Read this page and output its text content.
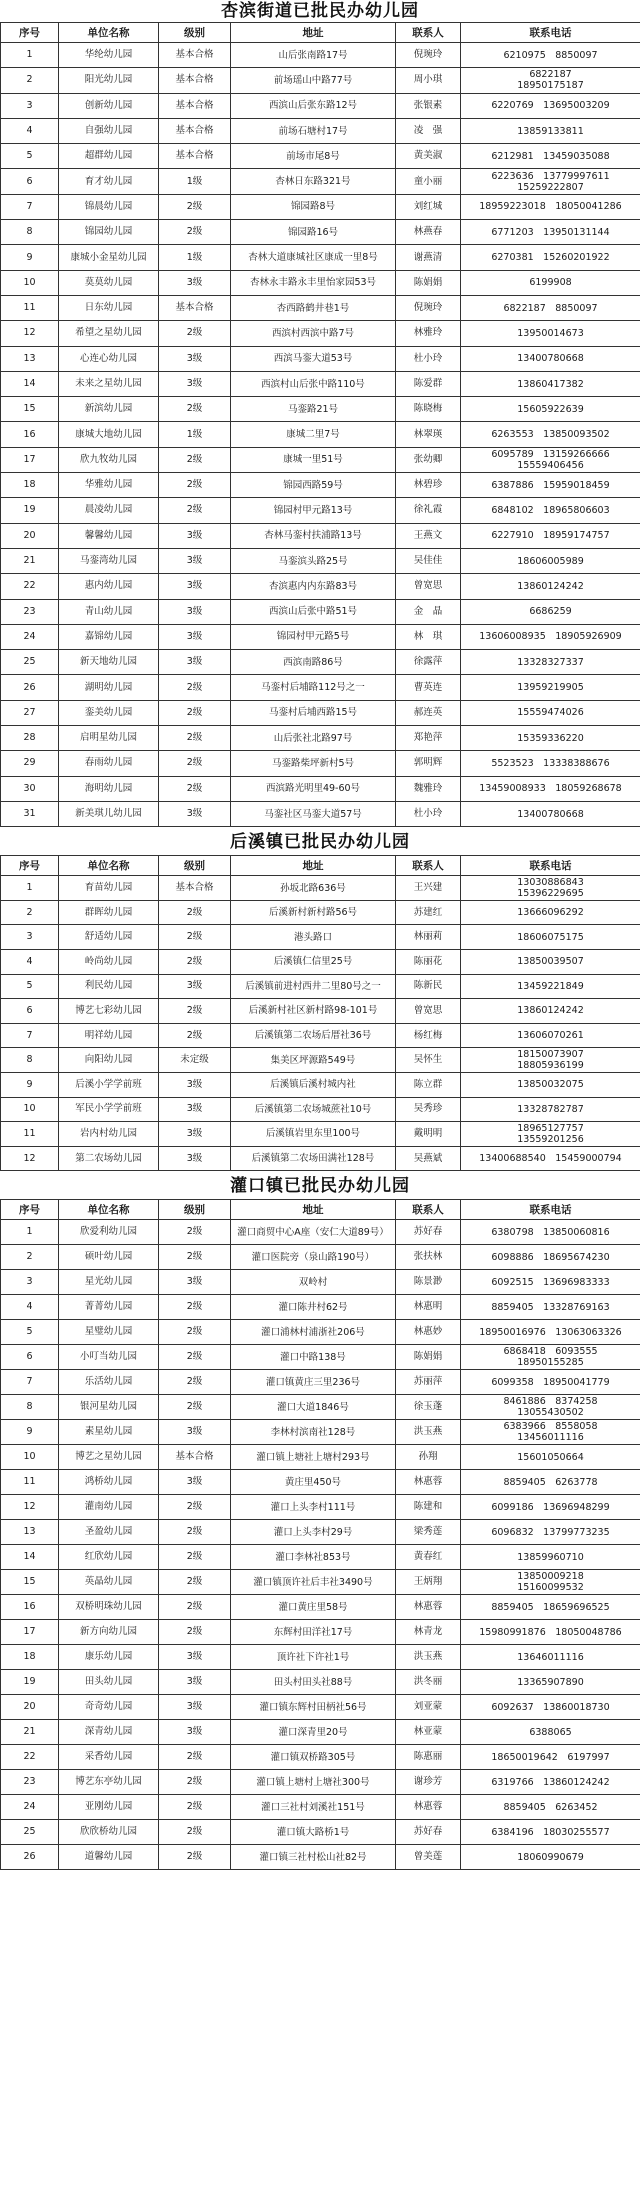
杏滨街道已批民办幼儿园
序号	单位名称	级别	地址	联系人	联系电话
1	华纶幼儿园	基本合格	山后张南路17号	倪琬玲	6210975　8850097
2	阳光幼儿园	基本合格	前场瑶山中路77号	周小琪	6822187
18950175187

3	创新幼儿园	基本合格	西滨山后张东路12号	张银素	6220769　13695003209
4	自强幼儿园	基本合格	前场石塘村17号	凌　强	13859133811
5	超群幼儿园	基本合格	前场市尾8号	黄美淑	6212981　13459035088
6	育才幼儿园	1级	杏林日东路321号	童小丽	6223636　13779997611
15259222807

7	锦晨幼儿园	2级	锦园路8号	刘红城	18959223018　18050041286
8	锦园幼儿园	2级	锦园路16号	林燕春	6771203　13950131144
9	康城小金星幼儿园	1级	杏林大道康城社区康成一里8号	谢燕清	6270381　15260201922
10	莫莫幼儿园	3级	杏林永丰路永丰里怡家园53号	陈娟娟	6199908
11	日东幼儿园	基本合格	杏西路鹤井巷1号	倪琬玲	6822187　8850097
12	希望之星幼儿园	2级	西滨村西滨中路7号	林雅玲	13950014673
13	心连心幼儿园	3级	西滨马銮大道53号	杜小玲	13400780668
14	未来之星幼儿园	3级	西滨村山后张中路110号	陈爱群	13860417382
15	新滨幼儿园	2级	马銮路21号	陈晓梅	15605922639
16	康城大地幼儿园	1级	康城二里7号	林翠瑛	6263553　13850093502
17	欣九牧幼儿园	2级	康城一里51号	张幼卿	6095789　13159266666
15559406456

18	华雅幼儿园	2级	锦园西路59号	林碧珍	6387886　15959018459
19	晨凌幼儿园	2级	锦园村甲元路13号	徐礼霞	6848102　18965806603
20	馨馨幼儿园	3级	杏林马銮村扶浦路13号	王燕文	6227910　18959174757
21	马銮湾幼儿园	3级	马銮滨头路25号	吴佳佳	18606005989
22	惠内幼儿园	3级	杏滨惠内内东路83号	曾宽思	13860124242
23	青山幼儿园	3级	西滨山后张中路51号	金　晶	6686259
24	嘉锦幼儿园	3级	锦园村甲元路5号	林　琪	13606008935　18905926909
25	新天地幼儿园	3级	西滨南路86号	徐露萍	13328327337
26	湖明幼儿园	2级	马銮村后埔路112号之一	曹英连	13959219905
27	銮美幼儿园	2级	马銮村后埔西路15号	郝连英	15559474026
28	启明星幼儿园	2级	山后张社北路97号	郑艳萍	15359336220
29	春雨幼儿园	2级	马銮路柴坪新村5号	郭明辉	5523523　13338388676
30	海明幼儿园	2级	西滨路光明里49-60号	魏雅玲	13459008933　18059268678
31	新美琪儿幼儿园	3级	马銮社区马銮大道57号	杜小玲	13400780668
后溪镇已批民办幼儿园
序号	单位名称	级别	地址	联系人	联系电话
1	育苗幼儿园	基本合格	孙坂北路636号	王兴建	13030886843
15396229695

2	群晖幼儿园	2级	后溪新村新村路56号	苏建红	13666096292
3	舒适幼儿园	2级	港头路口	林丽莉	18606075175
4	岭尚幼儿园	2级	后溪镇仁信里25号	陈丽花	13850039507
5	利民幼儿园	3级	后溪镇前进村西井二里80号之一	陈新民	13459221849
6	博艺七彩幼儿园	2级	后溪新村社区新村路98-101号	曾宽思	13860124242
7	明祥幼儿园	2级	后溪镇第二农场后厝社36号	杨红梅	13606070261
8	向阳幼儿园	未定级	集美区坪源路549号	吴怀生	18150073907
18805936199

9	后溪小学学前班	3级	后溪镇后溪村城内社	陈立群	13850032075
10	军民小学学前班	3级	后溪镇第二农场城蔗社10号	吴秀珍	13328782787
11	岩内村幼儿园	3级	后溪镇岩里东里100号	戴明明	18965127757
13559201256

12	第二农场幼儿园	3级	后溪镇第二农场田满社128号	吴燕斌	13400688540　15459000794
灌口镇已批民办幼儿园
序号	单位名称	级别	地址	联系人	联系电话
1	欣爱利幼儿园	2级	灌口商贸中心A座（安仁大道89号）	苏好春	6380798　13850060816
2	硕叶幼儿园	2级	灌口医院旁（泉山路190号）	张扶林	6098886　18695674230
3	星光幼儿园	3级	双岭村	陈景渺	6092515　13696983333
4	菁菁幼儿园	2级	灌口陈井村62号	林惠明	8859405　13328769163
5	星璧幼儿园	2级	灌口浦林村浦浙社206号	林惠妙	18950016976　13063063326
6	小叮当幼儿园	2级	灌口中路138号	陈娟娟	6868418　6093555
18950155285

7	乐活幼儿园	2级	灌口镇黄庄三里236号	苏丽萍	6099358　18950041779
8	银河星幼儿园	2级	灌口大道1846号	徐玉蓬	8461886　8374258
13055430502

9	素星幼儿园	3级	李林村滨南社128号	洪玉燕	6383966　8558058
13456011116

10	博艺之星幼儿园	基本合格	灌口镇上塘社上塘村293号	孙翔	15601050664
11	鸿桥幼儿园	3级	黄庄里450号	林惠蓉	8859405　6263778
12	灌南幼儿园	2级	灌口上头李村111号	陈建和	6099186　13696948299
13	圣盈幼儿园	2级	灌口上头李村29号	梁秀莲	6096832　13799773235
14	红欣幼儿园	2级	灌口李林社853号	黄春红	13859960710
15	英晶幼儿园	2级	灌口镇顶许社后丰社3490号	王炳翔	13850009218
15160099532

16	双桥明珠幼儿园	2级	灌口黄庄里58号	林惠蓉	8859405　18659696525
17	新方向幼儿园	2级	东辉村田洋社17号	林青龙	15980991876　18050048786
18	康乐幼儿园	3级	顶许社下许社1号	洪玉燕	13646011116
19	田头幼儿园	3级	田头村田头社88号	洪冬丽	13365907890
20	奇奇幼儿园	3级	灌口镇东辉村田柄社56号	刘亚蒙	6092637　13860018730
21	深青幼儿园	3级	灌口深青里20号	林亚蒙	6388065
22	采香幼儿园	2级	灌口镇双桥路305号	陈惠丽	18650019642　6197997
23	博艺东亭幼儿园	2级	灌口镇上塘村上塘社300号	谢珍芳	6319766　13860124242
24	亚刚幼儿园	2级	灌口三社村刘溪社151号	林惠蓉	8859405　6263452
25	欣欣桥幼儿园	2级	灌口镇大路桥1号	苏好春	6384196　18030255577
26	道馨幼儿园	2级	灌口镇三社村松山社82号	曾美莲	18060990679
